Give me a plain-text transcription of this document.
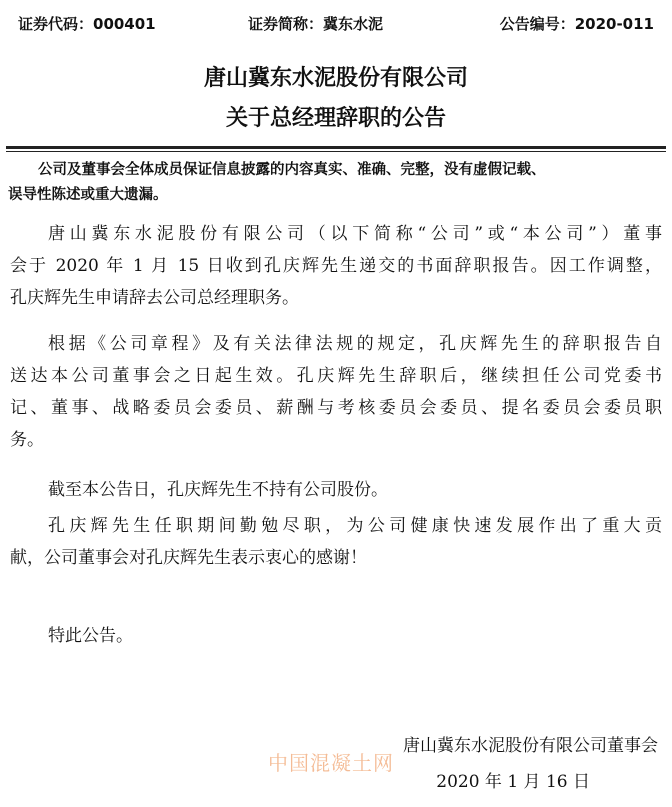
证券代码：000401	证券简称：冀东水泥	公告编号：2020-011
唐山冀东水泥股份有限公司
关于总经理辞职的公告
公司及董事会全体成员保证信息披露的内容真实、准确、完整，没有虚假记载、
误导性陈述或重大遗漏。
唐山冀东水泥股份有限公司（以下简称“公司”或“本公司”）董事
会于 2020 年 1 月 15 日收到孔庆辉先生递交的书面辞职报告。因工作调整，
孔庆辉先生申请辞去公司总经理职务。
根据《公司章程》及有关法律法规的规定，孔庆辉先生的辞职报告自
送达本公司董事会之日起生效。孔庆辉先生辞职后，继续担任公司党委书
记、董事、战略委员会委员、薪酬与考核委员会委员、提名委员会委员职
务。
截至本公告日，孔庆辉先生不持有公司股份。
孔庆辉先生任职期间勤勉尽职，为公司健康快速发展作出了重大贡
献，公司董事会对孔庆辉先生表示衷心的感谢！
特此公告。
唐山冀东水泥股份有限公司董事会
2020 年 1 月 16 日
中国混凝土网
